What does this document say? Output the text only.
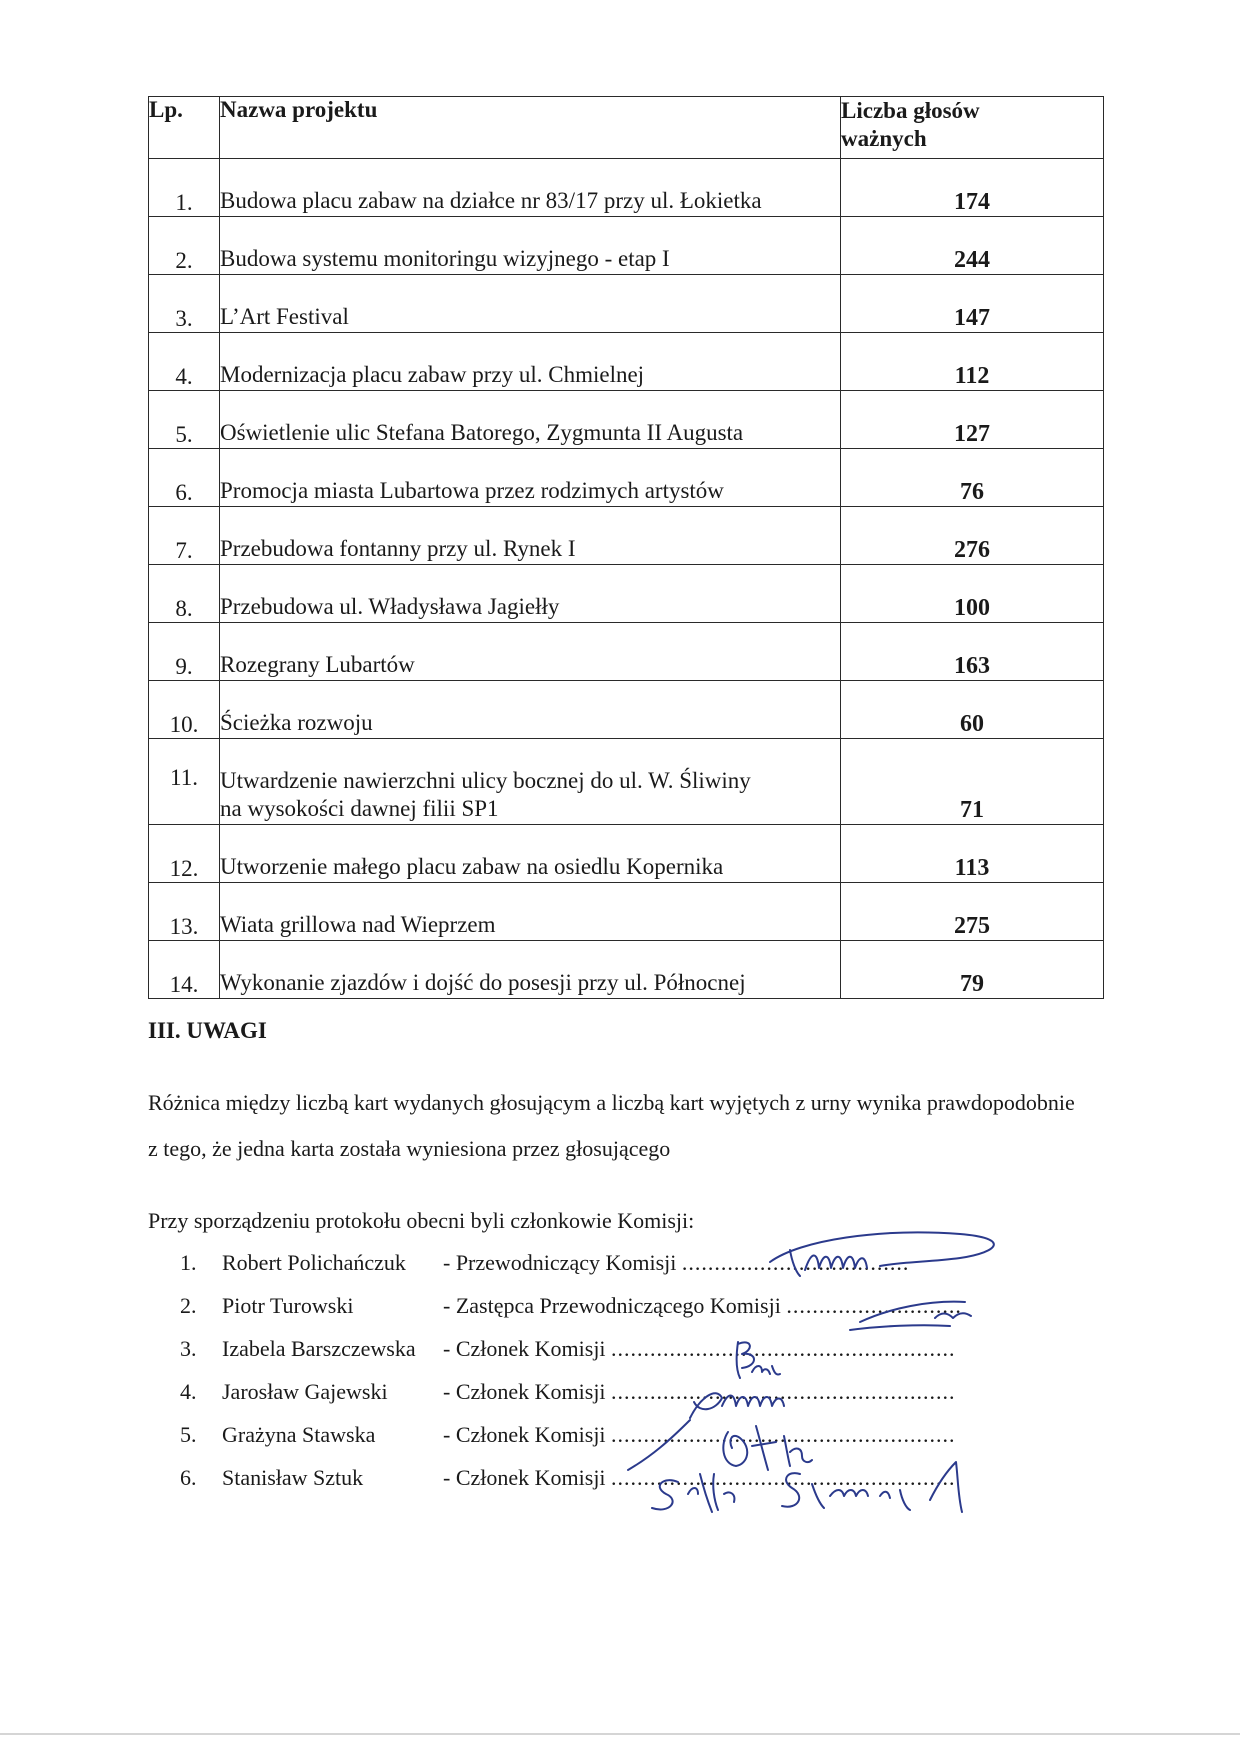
Lp.	Nazwa projektu	Liczba głosów
ważnych
1.	Budowa placu zabaw na działce nr 83/17 przy ul. Łokietka	174
2.	Budowa systemu monitoringu wizyjnego - etap I	244
3.	L’Art Festival	147
4.	Modernizacja placu zabaw przy ul. Chmielnej	112
5.	Oświetlenie ulic Stefana Batorego, Zygmunta II Augusta	127
6.	Promocja miasta Lubartowa przez rodzimych artystów	76
7.	Przebudowa fontanny przy ul. Rynek I	276
8.	Przebudowa ul. Władysława Jagiełły	100
9.	Rozegrany Lubartów	163
10.	Ścieżka rozwoju	60
11.	Utwardzenie nawierzchni ulicy bocznej do ul. W. Śliwiny
na wysokości dawnej filii SP1	71
12.	Utworzenie małego placu zabaw na osiedlu Kopernika	113
13.	Wiata grillowa nad Wieprzem	275
14.	Wykonanie zjazdów i dojść do posesji przy ul. Północnej	79
III. UWAGI
Różnica między liczbą kart wydanych głosującym a liczbą kart wyjętych z urny wynika prawdopodobnie z tego, że jedna karta została wyniesiona przez głosującego
Przy sporządzeniu protokołu obecni byli członkowie Komisji:
1. Robert Polichańczuk - Przewodniczący Komisji ...................................
2. Piotr Turowski	- Zastępca Przewodniczącego Komisji ...........................
3. Izabela Barszczewska - Członek Komisji .....................................................
4. Jarosław Gajewski	- Członek Komisji .....................................................
5. Grażyna Stawska	- Członek Komisji .....................................................
6. Stanisław Sztuk	- Członek Komisji .....................................................
